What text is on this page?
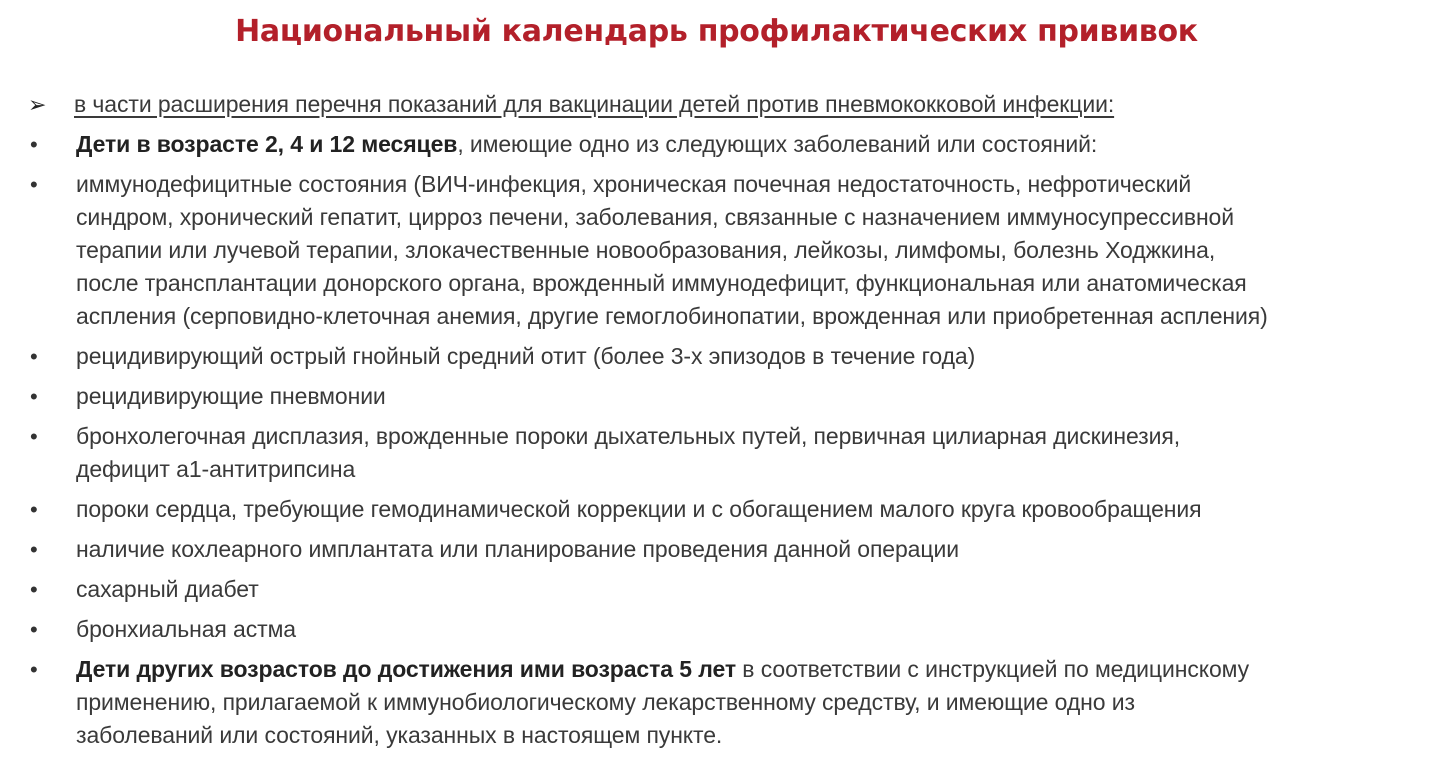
Национальный календарь профилактических прививок
➢	в части расширения перечня показаний для вакцинации детей против пневмококковой инфекции:
•	Дети в возрасте 2, 4 и 12 месяцев, имеющие одно из следующих заболеваний или состояний:
•	иммунодефицитные состояния (ВИЧ-инфекция, хроническая почечная недостаточность, нефротический
синдром, хронический гепатит, цирроз печени, заболевания, связанные с назначением иммуносупрессивной
терапии или лучевой терапии, злокачественные новообразования, лейкозы, лимфомы, болезнь Ходжкина,
после трансплантации донорского органа, врожденный иммунодефицит, функциональная или анатомическая
аспления (серповидно-клеточная анемия, другие гемоглобинопатии, врожденная или приобретенная аспления)
•	рецидивирующий острый гнойный средний отит (более 3-х эпизодов в течение года)
•	рецидивирующие пневмонии
•	бронхолегочная дисплазия, врожденные пороки дыхательных путей, первичная цилиарная дискинезия,
дефицит а1-антитрипсина
•	пороки сердца, требующие гемодинамической коррекции и с обогащением малого круга кровообращения
•	наличие кохлеарного имплантата или планирование проведения данной операции
•	сахарный диабет
•	бронхиальная астма
•	Дети других возрастов до достижения ими возраста 5 лет в соответствии с инструкцией по медицинскому
применению, прилагаемой к иммунобиологическому лекарственному средству, и имеющие одно из
заболеваний или состояний, указанных в настоящем пункте.
